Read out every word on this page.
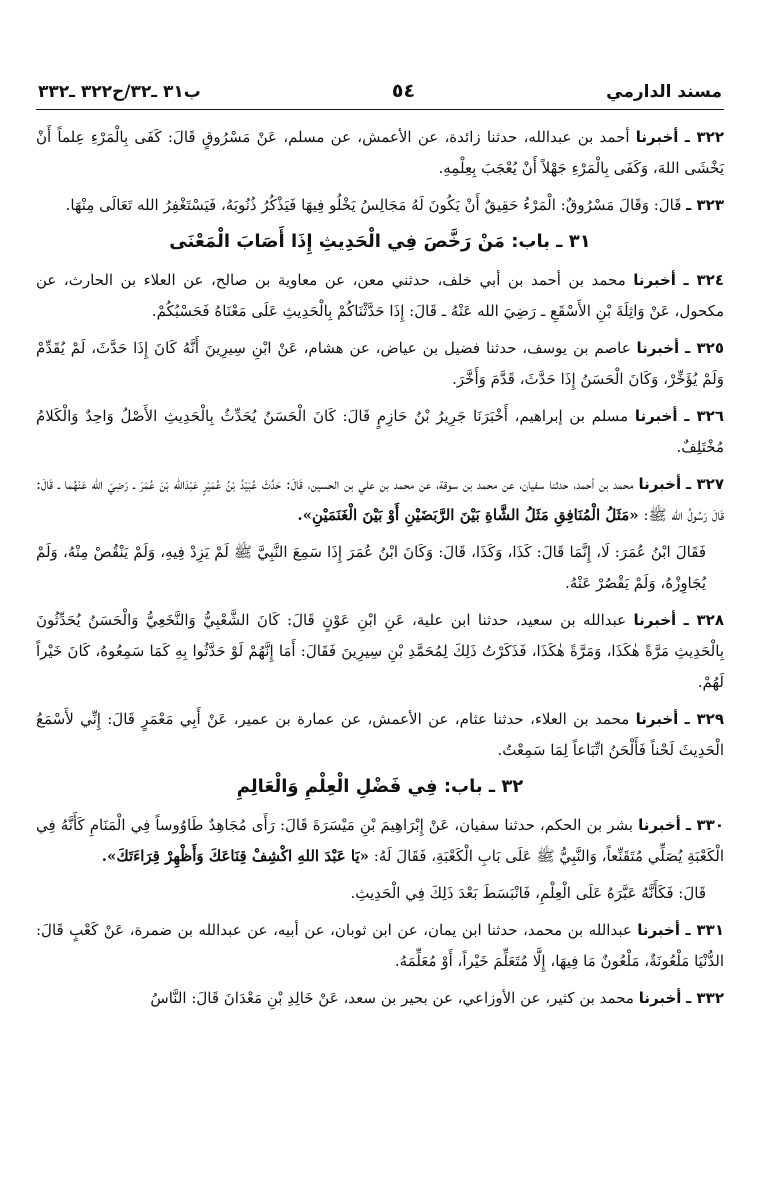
مسند الدارمي
٥٤
ب٣١ ـ٣٢/ح٣٢٢ ـ٣٣٢

٣٢٢ ـ أخبرنا أحمد بن عبدالله، حدثنا زائدة، عن الأعمش، عن مسلم، عَنْ مَسْرُوقٍ قَالَ: كَفَى بِالْمَرْءِ عِلماً أَنْ يَخْشَى اللهَ، وَكَفَى بِالْمَرْءِ جَهْلاً أَنْ يُعْجَبَ بِعِلْمِهِ.

٣٢٣ ـ قَالَ: وَقَالَ مَسْرُوقٌ: الْمَرْءُ حَقِيقٌ أَنْ يَكُونَ لَهُ مَجَالِسُ يَخْلُو فِيهَا فَيَذْكُرُ ذُنُوبَهُ، فَيَسْتَغْفِرُ الله تَعَالَى مِنْهَا.

٣١ ـ باب: مَنْ رَخَّصَ فِي الْحَدِيثِ إِذَا أَصَابَ الْمَعْنَى

٣٢٤ ـ أخبرنا محمد بن أحمد بن أبي خلف، حدثني معن، عن معاوية بن صالح، عن العلاء بن الحارث، عن مكحول، عَنْ وَاثِلَةَ بْنِ الأَسْقَعِ ـ رَضِيَ الله عَنْهُ ـ قَالَ: إِذَا حَدَّثْنَاكُمْ بِالْحَدِيثِ عَلَى مَعْنَاهُ فَحَسْبُكُمْ.

٣٢٥ ـ أخبرنا عاصم بن يوسف، حدثنا فضيل بن عياض، عن هشام، عَنْ ابْنِ سِيرِينَ أَنَّهُ كَانَ إِذَا حَدَّثَ، لَمْ يُقَدِّمْ وَلَمْ يُؤَخِّرْ، وَكَانَ الْحَسَنُ إِذَا حَدَّثَ، قَدَّمَ وَأَخَّرَ.

٣٢٦ ـ أخبرنا مسلم بن إبراهيم، أَخْبَرَنَا جَرِيرُ بْنُ حَازِمٍ قَالَ: كَانَ الْحَسَنُ يُحَدِّثُ بِالْحَدِيثِ الأَصْلُ وَاحِدٌ وَالْكَلامُ مُخْتَلِفٌ.

٣٢٧ ـ أخبرنا محمد بن أحمد، حدثنا سفيان، عن محمد بن سوقة، عن محمد بن علي بن الحسين، قَالَ: حَدَّثَ عُبَيْدُ بْنُ عُمَيْرٍ عَبْدَالله بْنَ عُمَرَ ـ رَضِيَ الله عَنْهُما ـ قَالَ: قَالَ رَسُولُ الله ﷺ: «مَثَلُ الْمُنَافِقِ مَثَلُ الشَّاةِ بَيْنَ الرَّبَضَيْنِ أَوْ بَيْنَ الْغَنَمَيْنِ».

فَقَالَ ابْنُ عُمَرَ: لَا، إِنَّمَا قَالَ: كَذَا، وَكَذَا، قَالَ: وَكَانَ ابْنُ عُمَرَ إِذَا سَمِعَ النَّبِيَّ ﷺ لَمْ يَزِدْ فِيهِ، وَلَمْ يَنْقُصْ مِنْهُ، وَلَمْ يُجَاوِزْهُ، وَلَمْ يَقْصُرْ عَنْهُ.

٣٢٨ ـ أخبرنا عبدالله بن سعيد، حدثنا ابن علية، عَنِ ابْنِ عَوْنٍ قَالَ: كَانَ الشَّعْبِيُّ وَالنَّخَعِيُّ وَالْحَسَنُ يُحَدِّثُونَ بِالْحَدِيثِ مَرَّةً هٰكَذَا، وَمَرَّةً هٰكَذَا، فَذَكَرْتُ ذَلِكَ لِمُحَمَّدِ بْنِ سِيرِينَ فَقَالَ: أَمَا إِنَّهُمْ لَوْ حَدَّثُوا بِهِ كَمَا سَمِعُوهُ، كَانَ خَيْراً لَهُمْ.

٣٢٩ ـ أخبرنا محمد بن العلاء، حدثنا عثام، عن الأعمش، عن عمارة بن عمير، عَنْ أَبِي مَعْمَرٍ قَالَ: إِنِّي لأَسْمَعُ الْحَدِيثَ لَحْناً فَأَلْحَنُ اتِّبَاعاً لِمَا سَمِعْتُ.

٣٢ ـ باب: فِي فَضْلِ الْعِلْمِ وَالْعَالِمِ

٣٣٠ ـ أخبرنا بشر بن الحكم، حدثنا سفيان، عَنْ إِبْرَاهِيمَ بْنِ مَيْسَرَةَ قَالَ: رَأَى مُجَاهِدٌ طَاوُوساً فِي الْمَنَامِ كَأَنَّهُ فِي الْكَعْبَةِ يُصَلِّي مُتَقَنِّعاً، وَالنَّبِيُّ ﷺ عَلَى بَابِ الْكَعْبَةِ، فَقَالَ لَهُ: «يَا عَبْدَ اللهِ اكْشِفْ قِنَاعَكَ وَأَظْهِرْ قِرَاءَتَكَ».

قَالَ: فَكَأَنَّهُ عَبَّرَهُ عَلَى الْعِلْمِ، فَانْبَسَطَ بَعْدَ ذَلِكَ فِي الْحَدِيثِ.

٣٣١ ـ أخبرنا عبدالله بن محمد، حدثنا ابن يمان، عن ابن ثوبان، عن أبيه، عن عبدالله بن ضمرة، عَنْ كَعْبٍ قَالَ: الدُّنْيَا مَلْعُونَةٌ، مَلْعُونٌ مَا فِيهَا، إِلَّا مُتَعَلِّمَ خَيْراً، أَوْ مُعَلِّمَهُ.

٣٣٢ ـ أخبرنا محمد بن كثير، عن الأوزاعي، عن بحير بن سعد، عَنْ خَالِدِ بْنِ مَعْدَانَ قَالَ: النَّاسُ
